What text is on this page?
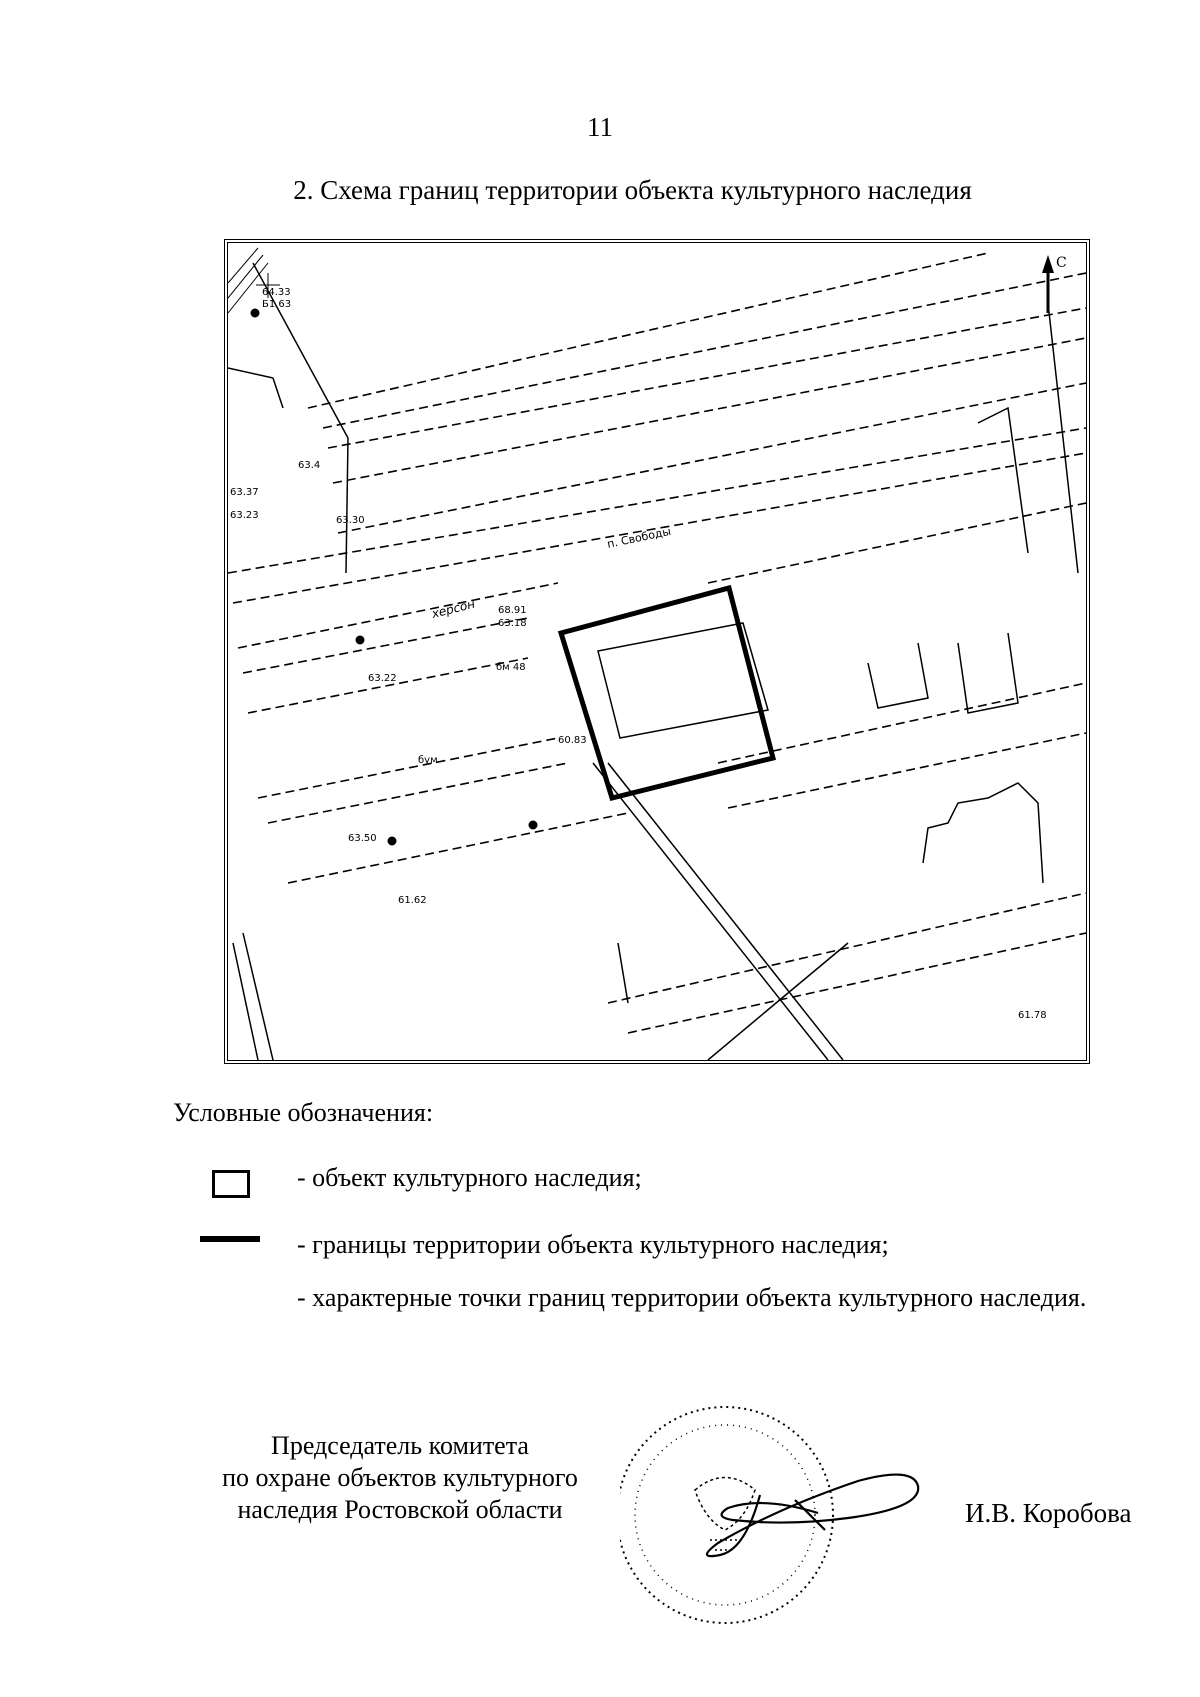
11
2. Схема границ территории объекта культурного наследия
64.33
Б1 63
63.4
63.30
63.23
63.37
68.91
63.18
63.22
бм 48
60.83
61.62
63.50
61.78
бум
п. Свободы
херсон
С
Условные обозначения:
- объект культурного наследия;
- границы территории объекта культурного наследия;
- характерные точки границ территории объекта культурного наследия.
Председатель комитета
по охране объектов культурного
наследия Ростовской области	И.В. Коробова
